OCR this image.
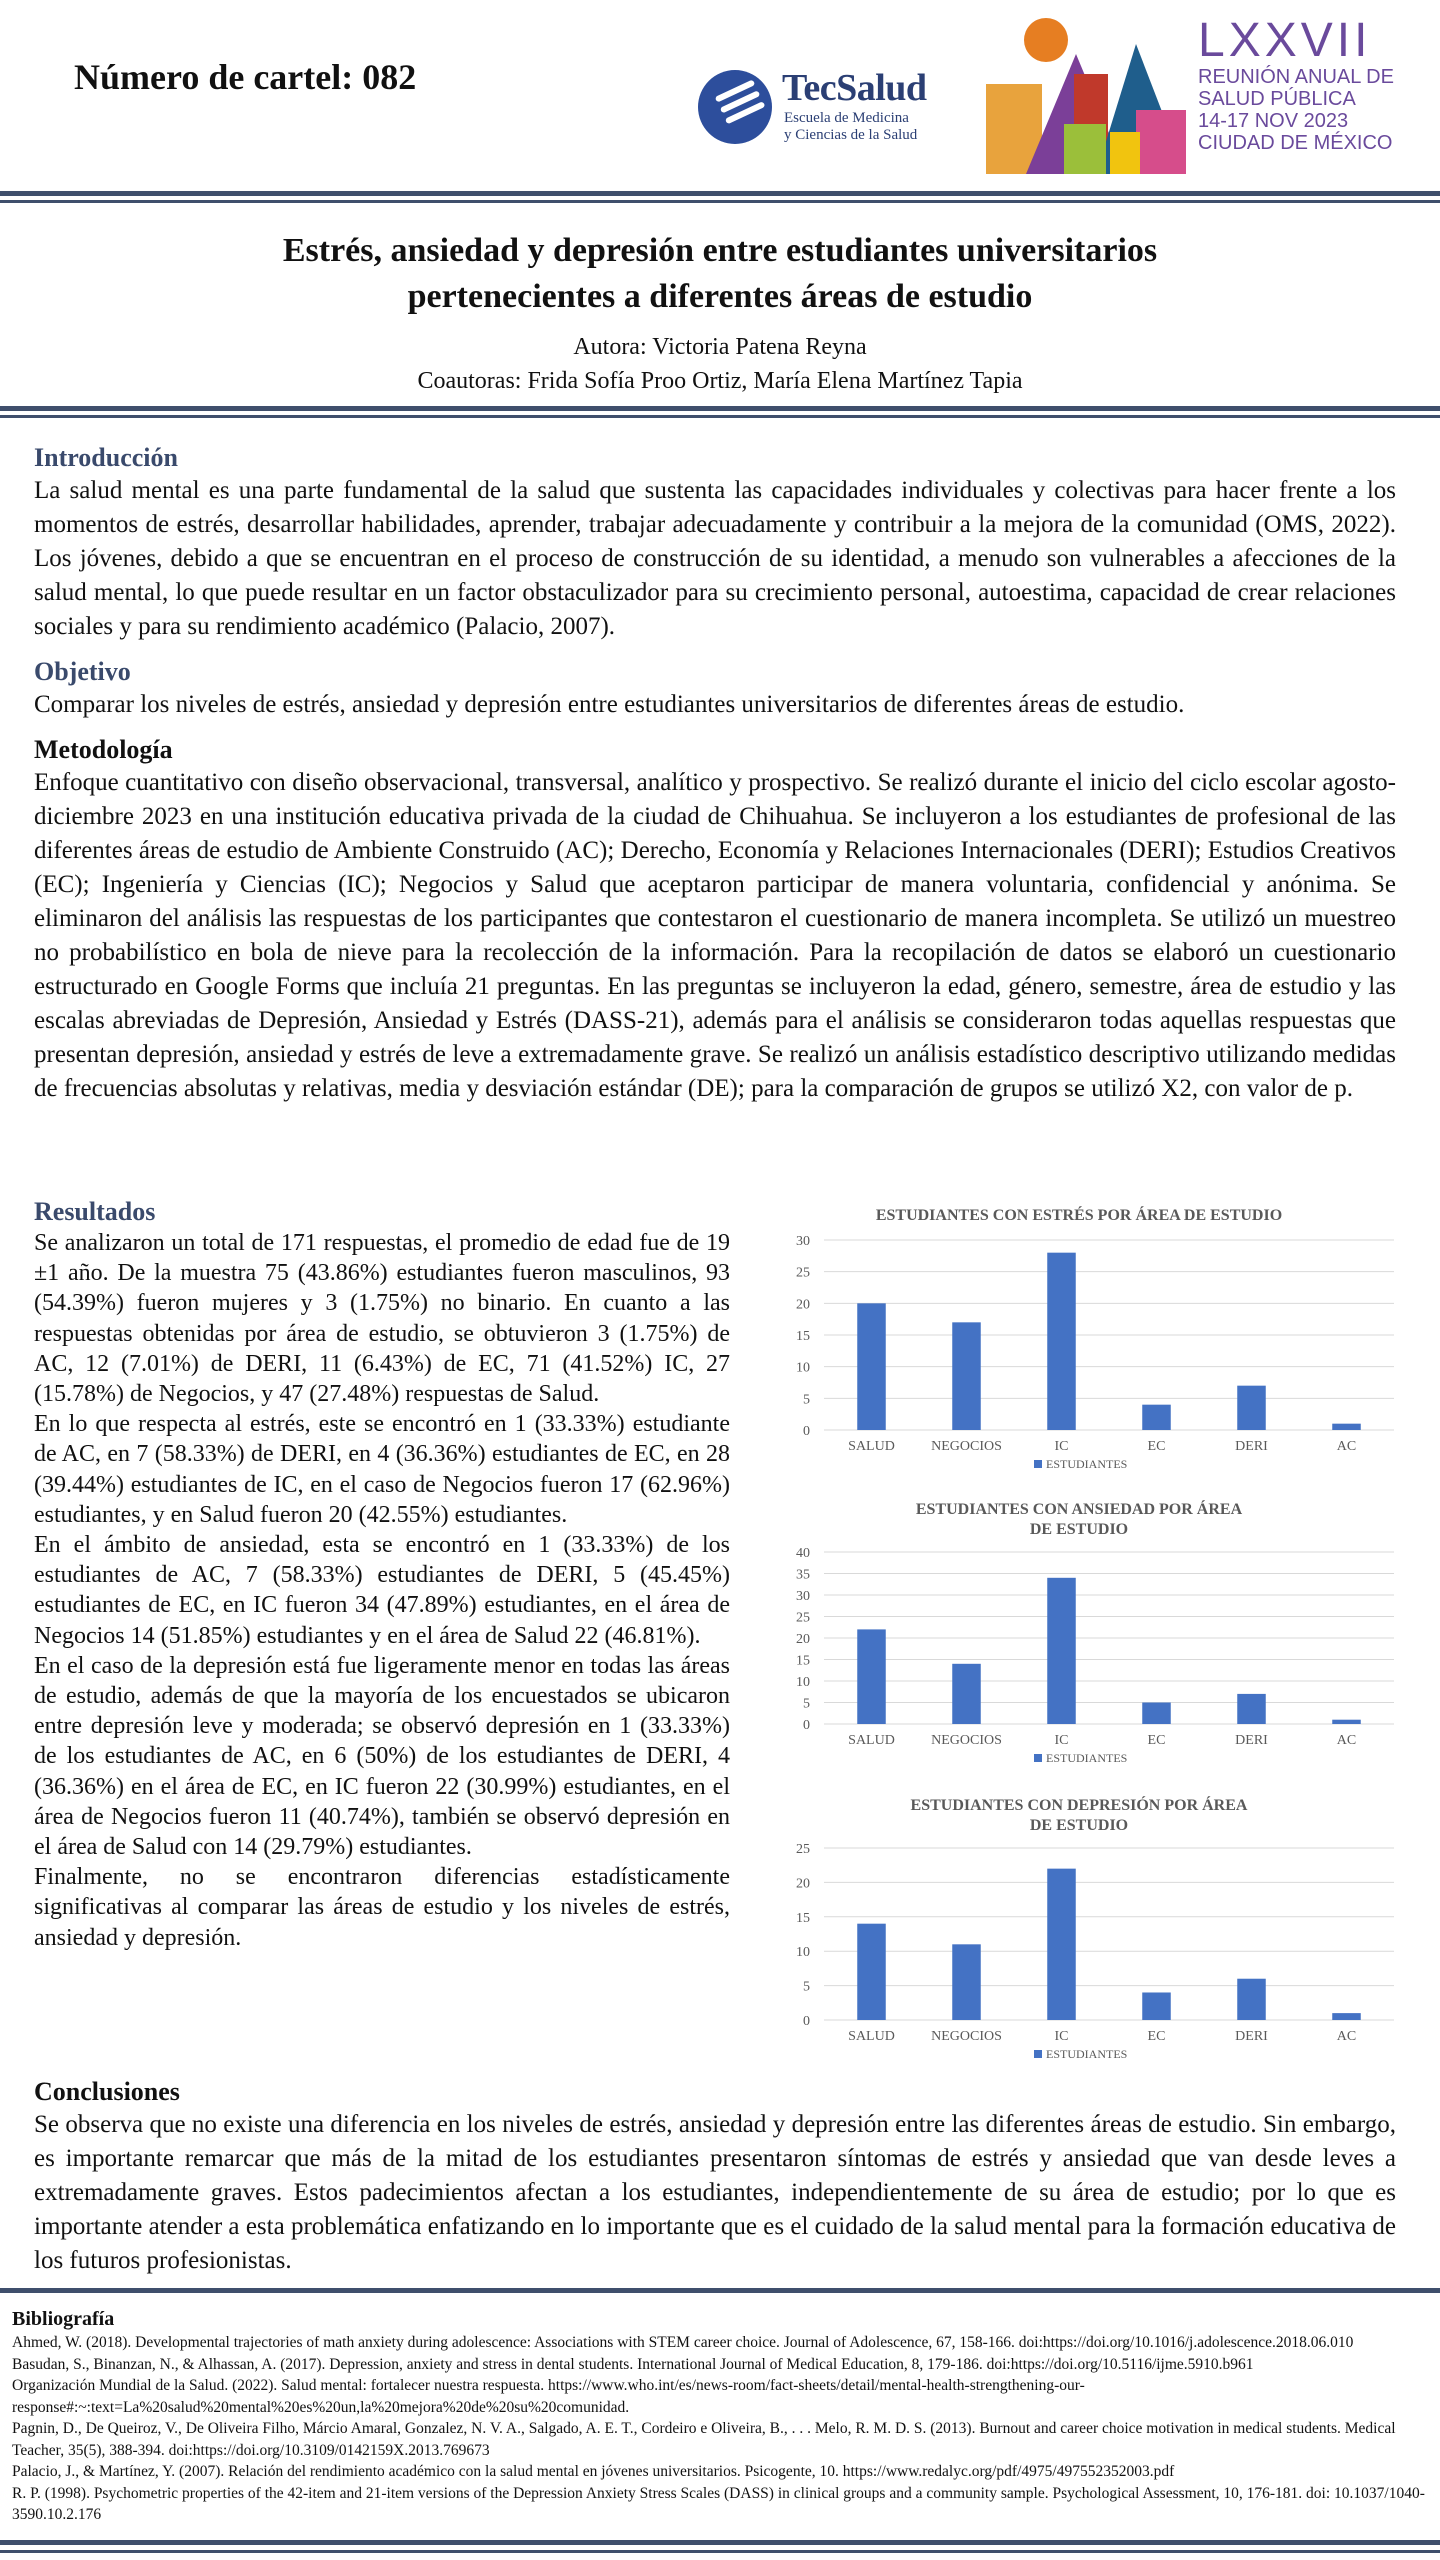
Número de cartel: 082	TecSalud
Escuela de Medicina
y Ciencias de la Salud
LXXVII
REUNIÓN ANUAL DE
SALUD PÚBLICA
14-17 NOV 2023
CIUDAD DE MÉXICO
Estrés, ansiedad y depresión entre estudiantes universitarios
pertenecientes a diferentes áreas de estudio
Autora: Victoria Patena Reyna
Coautoras: Frida Sofía Proo Ortiz, María Elena Martínez Tapia
Introducción
La salud mental es una parte fundamental de la salud que sustenta las capacidades individuales y colectivas para hacer frente a los momentos de estrés, desarrollar habilidades, aprender, trabajar adecuadamente y contribuir a la mejora de la comunidad (OMS, 2022). Los jóvenes, debido a que se encuentran en el proceso de construcción de su identidad, a menudo son vulnerables a afecciones de la salud mental, lo que puede resultar en un factor obstaculizador para su crecimiento personal, autoestima, capacidad de crear relaciones sociales y para su rendimiento académico (Palacio, 2007).
Objetivo
Comparar los niveles de estrés, ansiedad y depresión entre estudiantes universitarios de diferentes áreas de estudio.
Metodología
Enfoque cuantitativo con diseño observacional, transversal, analítico y prospectivo. Se realizó durante el inicio del ciclo escolar agosto-diciembre 2023 en una institución educativa privada de la ciudad de Chihuahua. Se incluyeron a los estudiantes de profesional de las diferentes áreas de estudio de Ambiente Construido (AC); Derecho, Economía y Relaciones Internacionales (DERI); Estudios Creativos (EC); Ingeniería y Ciencias (IC); Negocios y Salud que aceptaron participar de manera voluntaria, confidencial y anónima. Se eliminaron del análisis las respuestas de los participantes que contestaron el cuestionario de manera incompleta. Se utilizó un muestreo no probabilístico en bola de nieve para la recolección de la información. Para la recopilación de datos se elaboró un cuestionario estructurado en Google Forms que incluía 21 preguntas. En las preguntas se incluyeron la edad, género, semestre, área de estudio y las escalas abreviadas de Depresión, Ansiedad y Estrés (DASS-21), además para el análisis se consideraron todas aquellas respuestas que presentan depresión, ansiedad y estrés de leve a extremadamente grave. Se realizó un análisis estadístico descriptivo utilizando medidas de frecuencias absolutas y relativas, media y desviación estándar (DE); para la comparación de grupos se utilizó X2, con valor de p.
Resultados

Se analizaron un total de 171 respuestas, el promedio de edad fue de 19 ±1 año. De la muestra 75 (43.86%) estudiantes fueron masculinos, 93 (54.39%) fueron mujeres y 3 (1.75%) no binario. En cuanto a las respuestas obtenidas por área de estudio, se obtuvieron 3 (1.75%) de AC, 12 (7.01%) de DERI, 11 (6.43%) de EC, 71 (41.52%) IC, 27 (15.78%) de Negocios, y 47 (27.48%) respuestas de Salud.

En lo que respecta al estrés, este se encontró en 1 (33.33%) estudiante de AC, en 7 (58.33%) de DERI, en 4 (36.36%) estudiantes de EC, en 28 (39.44%) estudiantes de IC, en el caso de Negocios fueron 17 (62.96%) estudiantes, y en Salud fueron 20 (42.55%) estudiantes.

En el ámbito de ansiedad, esta se encontró en 1 (33.33%) de los estudiantes de AC, 7 (58.33%) estudiantes de DERI, 5 (45.45%) estudiantes de EC, en IC fueron 34 (47.89%) estudiantes, en el área de Negocios 14 (51.85%) estudiantes y en el área de Salud 22 (46.81%).

En el caso de la depresión está fue ligeramente menor en todas las áreas de estudio, además de que la mayoría de los encuestados se ubicaron entre depresión leve y moderada; se observó depresión en 1 (33.33%) de los estudiantes de AC, en 6 (50%) de los estudiantes de DERI, 4 (36.36%) en el área de EC, en IC fueron 22 (30.99%) estudiantes, en el área de Negocios fueron 11 (40.74%), también se observó depresión en el área de Salud con 14 (29.79%) estudiantes.

Finalmente, no se encontraron diferencias estadísticamente significativas al comparar las áreas de estudio y los niveles de estrés, ansiedad y depresión.

ESTUDIANTES CON ESTRÉS POR ÁREA DE ESTUDIO
0
5
10
15
20
25
30
SALUD	NEGOCIOS	IC	EC	DERI	AC
ESTUDIANTES
ESTUDIANTES CON ANSIEDAD POR ÁREA
DE ESTUDIO
0
5
10
15
20
25
30
35
40
SALUD	NEGOCIOS	IC	EC	DERI	AC
ESTUDIANTES
ESTUDIANTES CON DEPRESIÓN POR ÁREA
DE ESTUDIO
0
5
10
15
20
25
SALUD	NEGOCIOS	IC	EC	DERI	AC
ESTUDIANTES
Conclusiones
Se observa que no existe una diferencia en los niveles de estrés, ansiedad y depresión entre las diferentes áreas de estudio. Sin embargo, es importante remarcar que más de la mitad de los estudiantes presentaron síntomas de estrés y ansiedad que van desde leves a extremadamente graves. Estos padecimientos afectan a los estudiantes, independientemente de su área de estudio; por lo que es importante atender a esta problemática enfatizando en lo importante que es el cuidado de la salud mental para la formación educativa de los futuros profesionistas.
Bibliografía
Ahmed, W. (2018). Developmental trajectories of math anxiety during adolescence: Associations with STEM career choice. Journal of Adolescence, 67, 158-166. doi:https://doi.org/10.1016/j.adolescence.2018.06.010
Basudan, S., Binanzan, N., & Alhassan, A. (2017). Depression, anxiety and stress in dental students. International Journal of Medical Education, 8, 179-186. doi:https://doi.org/10.5116/ijme.5910.b961
Organización Mundial de la Salud. (2022). Salud mental: fortalecer nuestra respuesta. https://www.who.int/es/news-room/fact-sheets/detail/mental-health-strengthening-our-response#:~:text=La%20salud%20mental%20es%20un,la%20mejora%20de%20su%20comunidad.
Pagnin, D., De Queiroz, V., De Oliveira Filho, Márcio Amaral, Gonzalez, N. V. A., Salgado, A. E. T., Cordeiro e Oliveira, B., . . . Melo, R. M. D. S. (2013). Burnout and career choice motivation in medical students. Medical Teacher, 35(5), 388-394. doi:https://doi.org/10.3109/0142159X.2013.769673
Palacio, J., & Martínez, Y. (2007). Relación del rendimiento académico con la salud mental en jóvenes universitarios. Psicogente, 10. https://www.redalyc.org/pdf/4975/497552352003.pdf
R. P. (1998). Psychometric properties of the 42-item and 21-item versions of the Depression Anxiety Stress Scales (DASS) in clinical groups and a community sample. Psychological Assessment, 10, 176-181. doi: 10.1037/1040-3590.10.2.176
